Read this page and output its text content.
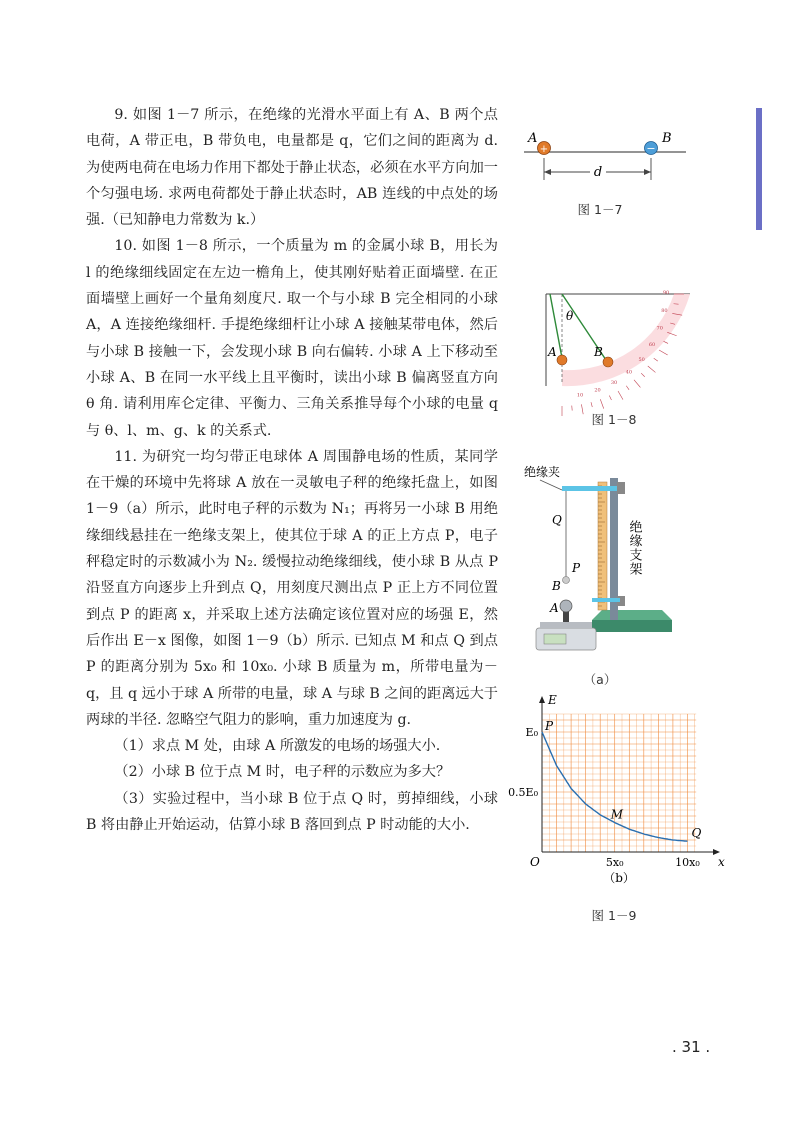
9. 如图 1－7 所示，在绝缘的光滑水平面上有 A、B 两个点电荷，A 带正电，B 带负电，电量都是 q，它们之间的距离为 d. 为使两电荷在电场力作用下都处于静止状态，必须在水平方向加一个匀强电场. 求两电荷都处于静止状态时，AB 连线的中点处的场强.（已知静电力常数为 k.）

10. 如图 1－8 所示，一个质量为 m 的金属小球 B，用长为 l 的绝缘细线固定在左边一檐角上，使其刚好贴着正面墙壁. 在正面墙壁上画好一个量角刻度尺. 取一个与小球 B 完全相同的小球 A，A 连接绝缘细杆. 手提绝缘细杆让小球 A 接触某带电体，然后与小球 B 接触一下，会发现小球 B 向右偏转. 小球 A 上下移动至小球 A、B 在同一水平线上且平衡时，读出小球 B 偏离竖直方向 θ 角. 请利用库仑定律、平衡力、三角关系推导每个小球的电量 q 与 θ、l、m、g、k 的关系式.

11. 为研究一均匀带正电球体 A 周围静电场的性质，某同学在干燥的环境中先将球 A 放在一灵敏电子秤的绝缘托盘上，如图 1－9（a）所示，此时电子秤的示数为 N₁；再将另一小球 B 用绝缘细线悬挂在一绝缘支架上，使其位于球 A 的正上方点 P，电子秤稳定时的示数减小为 N₂. 缓慢拉动绝缘细线，使小球 B 从点 P 沿竖直方向逐步上升到点 Q，用刻度尺测出点 P 正上方不同位置到点 P 的距离 x，并采取上述方法确定该位置对应的场强 E，然后作出 E－x 图像，如图 1－9（b）所示. 已知点 M 和点 Q 到点 P 的距离分别为 5x₀ 和 10x₀. 小球 B 质量为 m，所带电量为－q，且 q 远小于球 A 所带的电量，球 A 与球 B 之间的距离远大于两球的半径. 忽略空气阻力的影响，重力加速度为 g.

（1）求点 M 处，由球 A 所激发的电场的场强大小.

（2）小球 B 位于点 M 时，电子秤的示数应为多大？

（3）实验过程中，当小球 B 位于点 Q 时，剪掉细线，小球 B 将由静止开始运动，估算小球 B 落回到点 P 时动能的大小.

+	−
A	B
d
图 1－7
10
20
30
40
50
60
70
80
90
θ
A	B
图 1－8
绝缘夹
Q
P
B
A
绝缘支架
（a）
E
x
O	5x₀	10x₀
E₀
0.5E₀
P
M
Q
（b）
图 1－9
. 31 .
